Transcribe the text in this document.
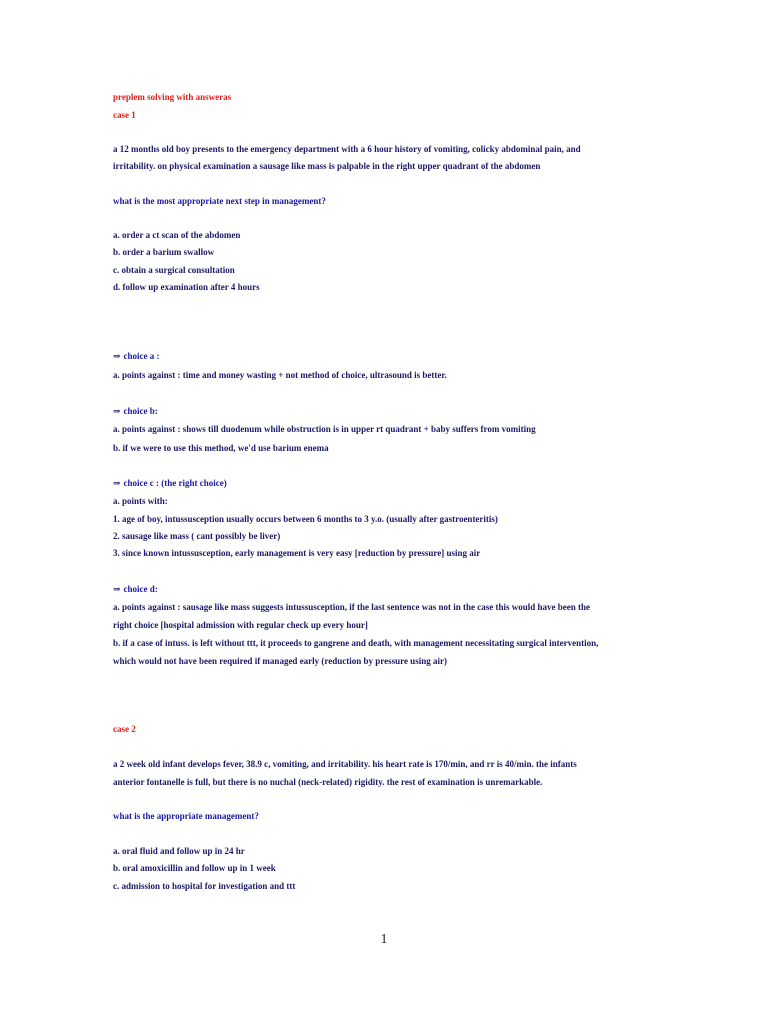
preplem solving with answeras
case 1
a 12 months old boy presents to the emergency department with a 6 hour history of vomiting, colicky abdominal pain, and
irritability. on physical examination a sausage like mass is palpable in the right upper quadrant of the abdomen
what is the most appropriate next step in management?
a. order a ct scan of the abdomen
b. order a barium swallow
c. obtain a surgical consultation
d. follow up examination after 4 hours
⇒ choice a :
a. points against : time and money wasting + not method of choice, ultrasound is better.
⇒ choice b:
a. points against : shows till duodenum while obstruction is in upper rt quadrant + baby suffers from vomiting
b. if we were to use this method, we'd use barium enema
⇒ choice c : (the right choice)
a. points with:
1. age of boy, intussusception usually occurs between 6 months to 3 y.o. (usually after gastroenteritis)
2. sausage like mass ( cant possibly be liver)
3. since known intussusception, early management is very easy [reduction by pressure] using air
⇒ choice d:
a. points against : sausage like mass suggests intussusception, if the last sentence was not in the case this would have been the
right choice [hospital admission with regular check up every hour]
b. if a case of intuss. is left without ttt, it proceeds to gangrene and death, with management necessitating surgical intervention,
which would not have been required if managed early (reduction by pressure using air)
case 2
a 2 week old infant develops fever, 38.9 c, vomiting, and irritability. his heart rate is 170/min, and rr is 40/min. the infants
anterior fontanelle is full, but there is no nuchal (neck-related) rigidity. the rest of examination is unremarkable.
what is the appropriate management?
a. oral fluid and follow up in 24 hr
b. oral amoxicillin and follow up in 1 week
c. admission to hospital for investigation and ttt
1
